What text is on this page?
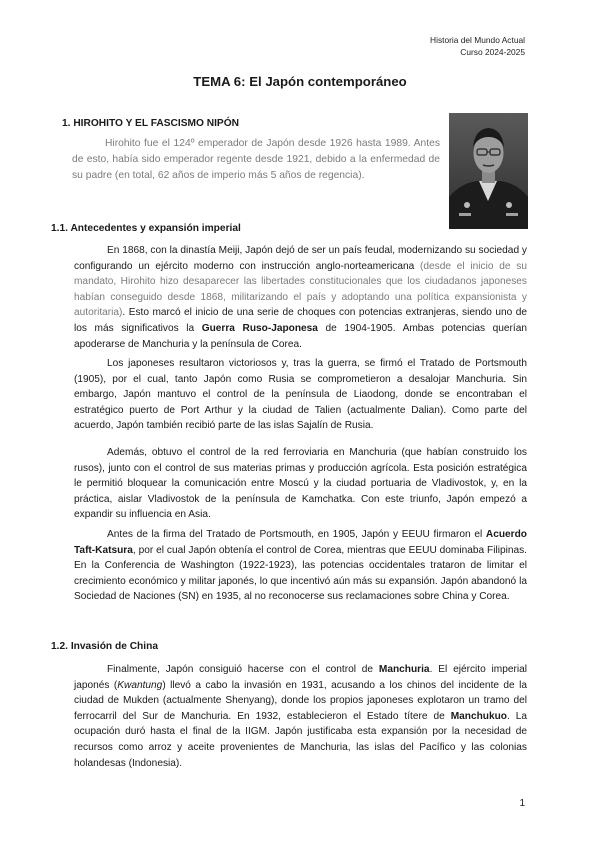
Historia del Mundo Actual
Curso 2024-2025
TEMA 6: El Japón contemporáneo
1. HIROHITO Y EL FASCISMO NIPÓN

Hirohito fue el 124º emperador de Japón desde 1926 hasta 1989. Antes de esto, había sido emperador regente desde 1921, debido a la enfermedad de su padre (en total, 62 años de imperio más 5 años de regencia).

1.1. Antecedentes y expansión imperial

En 1868, con la dinastía Meiji, Japón dejó de ser un país feudal, modernizando su sociedad y configurando un ejército moderno con instrucción anglo-norteamericana (desde el inicio de su mandato, Hirohito hizo desaparecer las libertades constitucionales que los ciudadanos japoneses habían conseguido desde 1868, militarizando el país y adoptando una política expansionista y autoritaria). Esto marcó el inicio de una serie de choques con potencias extranjeras, siendo uno de los más significativos la Guerra Ruso-Japonesa de 1904-1905. Ambas potencias querían apoderarse de Manchuria y la península de Corea.

Los japoneses resultaron victoriosos y, tras la guerra, se firmó el Tratado de Portsmouth (1905), por el cual, tanto Japón como Rusia se comprometieron a desalojar Manchuria. Sin embargo, Japón mantuvo el control de la península de Liaodong, donde se encontraban el estratégico puerto de Port Arthur y la ciudad de Talien (actualmente Dalian). Como parte del acuerdo, Japón también recibió parte de las islas Sajalín de Rusia.

Además, obtuvo el control de la red ferroviaria en Manchuria (que habían construido los rusos), junto con el control de sus materias primas y producción agrícola. Esta posición estratégica le permitió bloquear la comunicación entre Moscú y la ciudad portuaria de Vladivostok, y, en la práctica, aislar Vladivostok de la península de Kamchatka. Con este triunfo, Japón empezó a expandir su influencia en Asia.

Antes de la firma del Tratado de Portsmouth, en 1905, Japón y EEUU firmaron el Acuerdo Taft-Katsura, por el cual Japón obtenía el control de Corea, mientras que EEUU dominaba Filipinas. En la Conferencia de Washington (1922-1923), las potencias occidentales trataron de limitar el crecimiento económico y militar japonés, lo que incentivó aún más su expansión. Japón abandonó la Sociedad de Naciones (SN) en 1935, al no reconocerse sus reclamaciones sobre China y Corea.

1.2. Invasión de China

Finalmente, Japón consiguió hacerse con el control de Manchuria. El ejército imperial japonés (Kwantung) llevó a cabo la invasión en 1931, acusando a los chinos del incidente de la ciudad de Mukden (actualmente Shenyang), donde los propios japoneses explotaron un tramo del ferrocarril del Sur de Manchuria. En 1932, establecieron el Estado títere de Manchukuo. La ocupación duró hasta el final de la IIGM. Japón justificaba esta expansión por la necesidad de recursos como arroz y aceite provenientes de Manchuria, las islas del Pacífico y las colonias holandesas (Indonesia).

1
